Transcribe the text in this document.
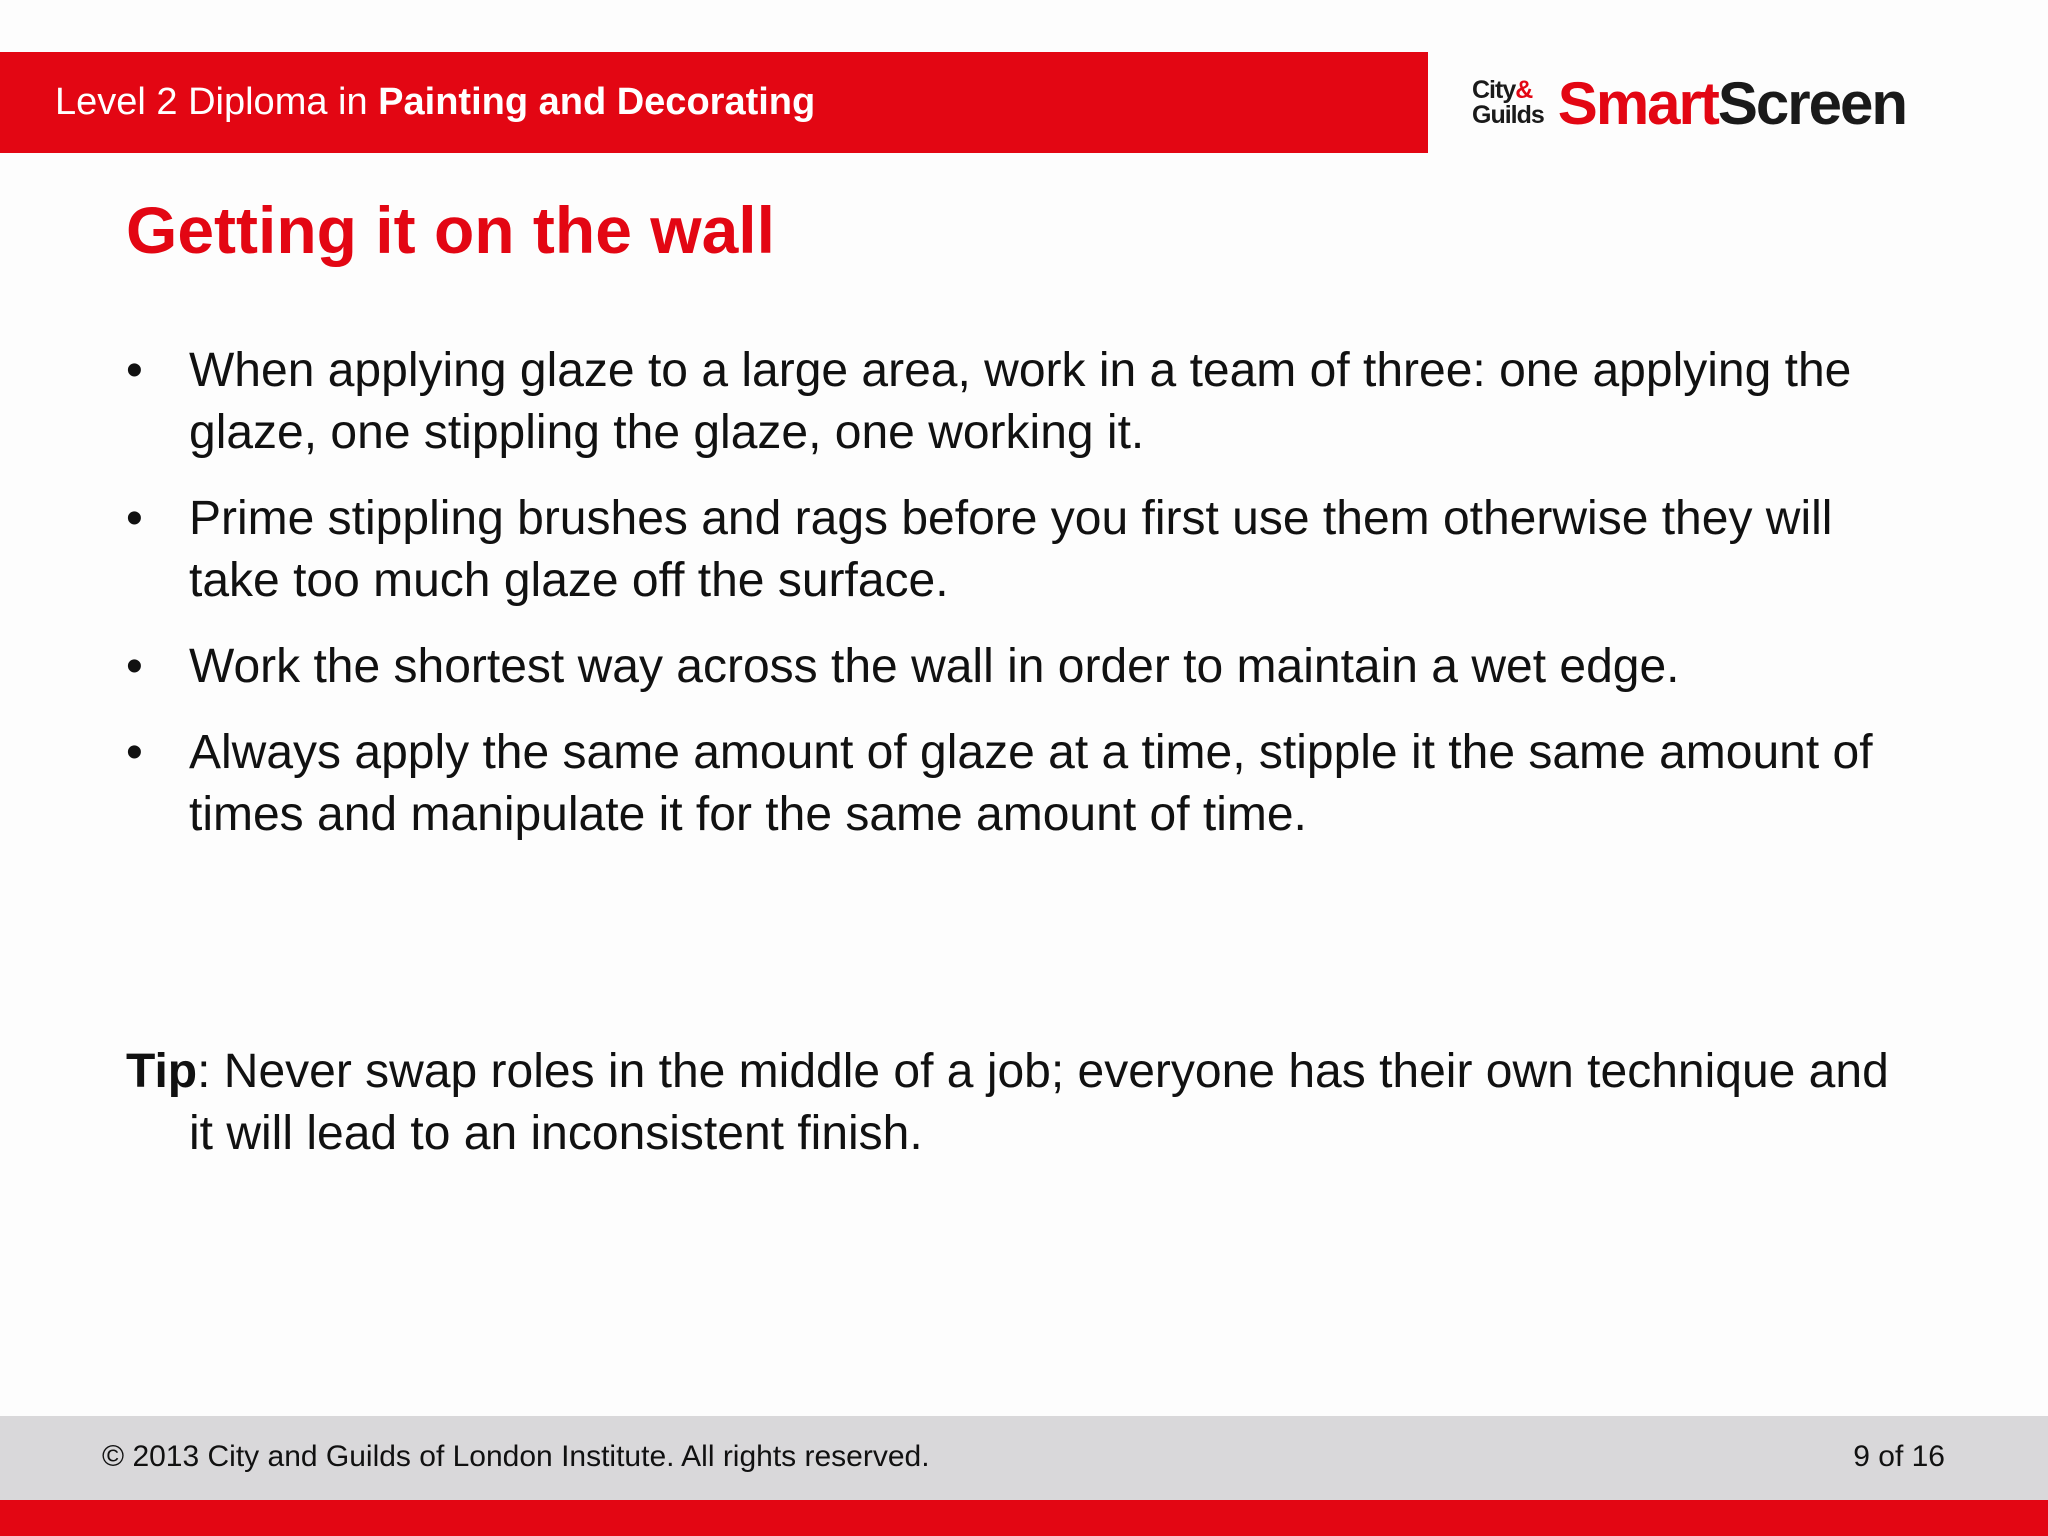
Level 2 Diploma in Painting and Decorating	City&
Guilds SmartScreen
Getting it on the wall
• When applying glaze to a large area, work in a team of three: one applying the glaze, one stippling the glaze, one working it.
• Prime stippling brushes and rags before you first use them otherwise they will take too much glaze off the surface.
• Work the shortest way across the wall in order to maintain a wet edge.
• Always apply the same amount of glaze at a time, stipple it the same amount of times and manipulate it for the same amount of time.
Tip: Never swap roles in the middle of a job; everyone has their own technique and it will lead to an inconsistent finish.
© 2013 City and Guilds of London Institute. All rights reserved.	9 of 16
